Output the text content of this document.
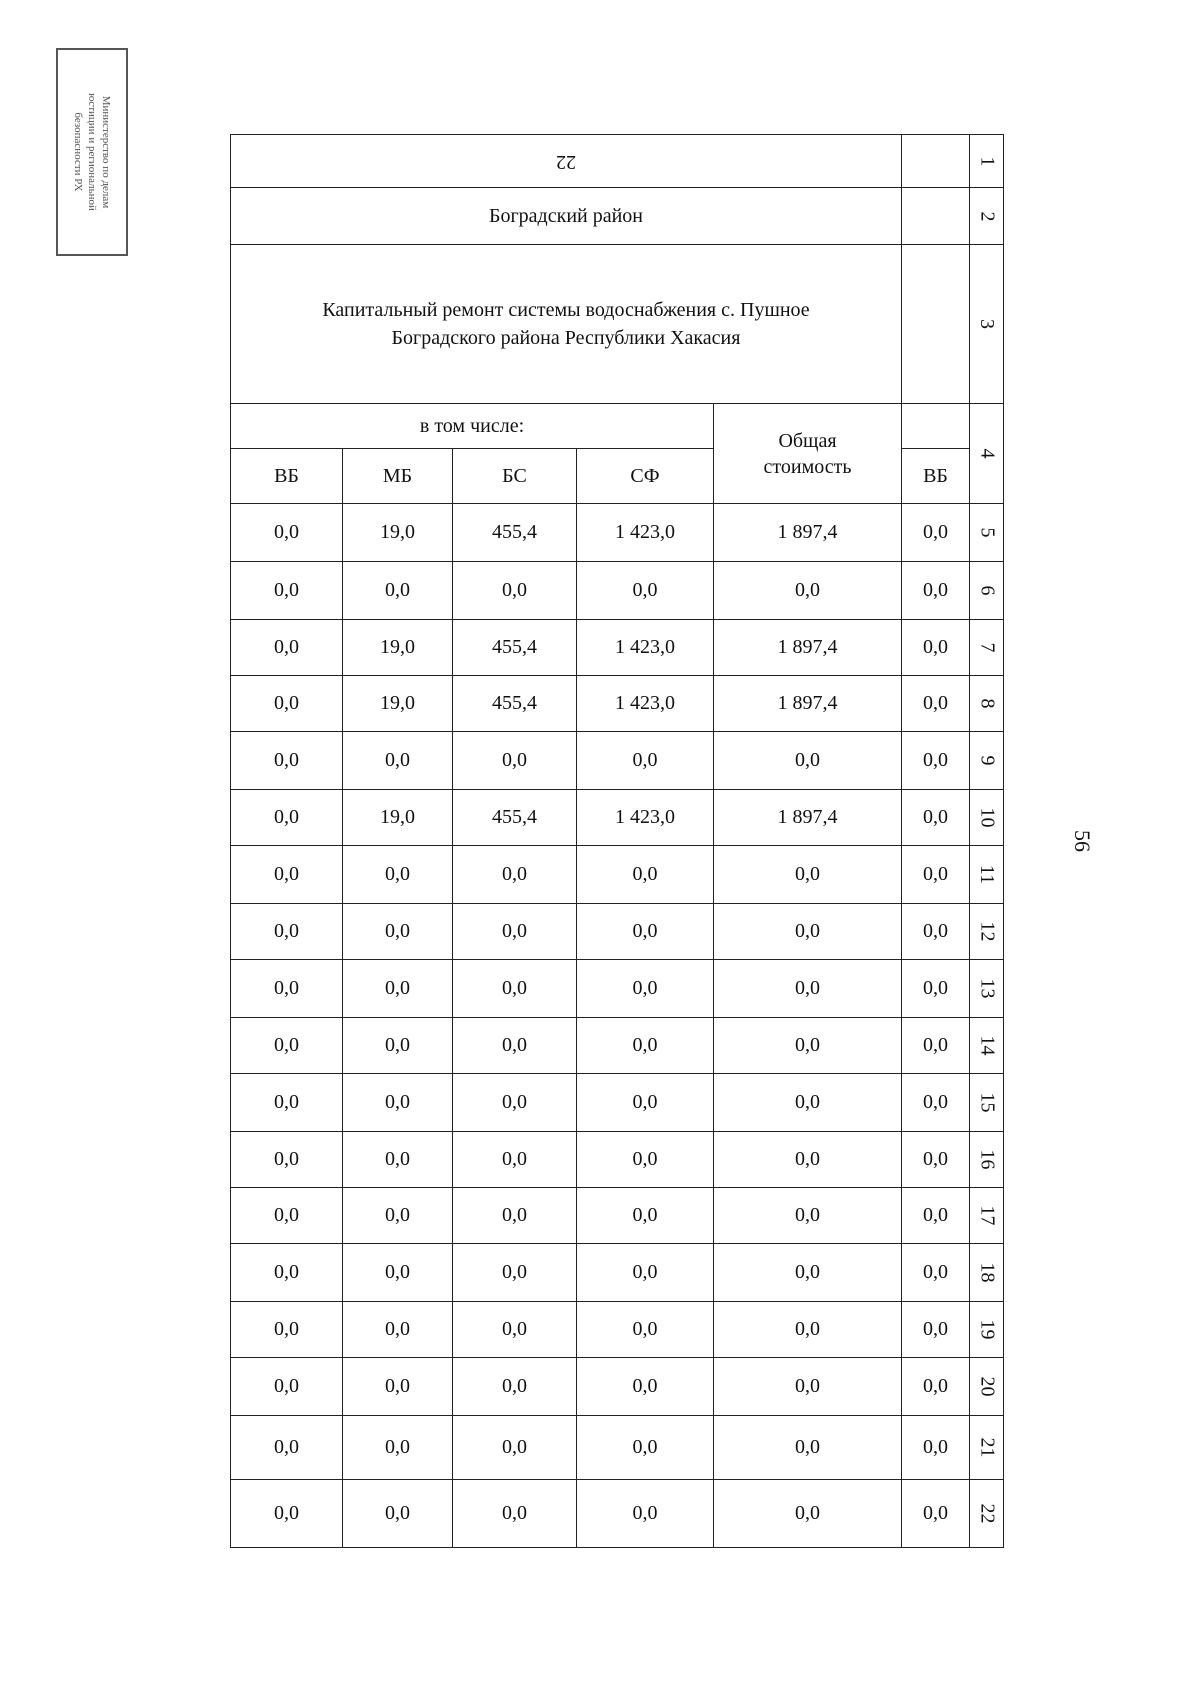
Министерство по делам
юстиции и региональной
безопасности РХ
56
22						1
Боградский район						2

Капитальный ремонт системы водоснабжения с. Пушное Боградского района Республики Хакасия						3
в том числе:				Общая стоимость		4
ВБ	МБ	БС	СФ		ВБ	
0,0	19,0	455,4	1 423,0	1 897,4	0,0	5
0,0	0,0	0,0	0,0	0,0	0,0	6
0,0	19,0	455,4	1 423,0	1 897,4	0,0	7
0,0	19,0	455,4	1 423,0	1 897,4	0,0	8
0,0	0,0	0,0	0,0	0,0	0,0	9
0,0	19,0	455,4	1 423,0	1 897,4	0,0	10
0,0	0,0	0,0	0,0	0,0	0,0	11
0,0	0,0	0,0	0,0	0,0	0,0	12
0,0	0,0	0,0	0,0	0,0	0,0	13
0,0	0,0	0,0	0,0	0,0	0,0	14
0,0	0,0	0,0	0,0	0,0	0,0	15
0,0	0,0	0,0	0,0	0,0	0,0	16
0,0	0,0	0,0	0,0	0,0	0,0	17
0,0	0,0	0,0	0,0	0,0	0,0	18
0,0	0,0	0,0	0,0	0,0	0,0	19
0,0	0,0	0,0	0,0	0,0	0,0	20
0,0	0,0	0,0	0,0	0,0	0,0	21
0,0	0,0	0,0	0,0	0,0	0,0	22
